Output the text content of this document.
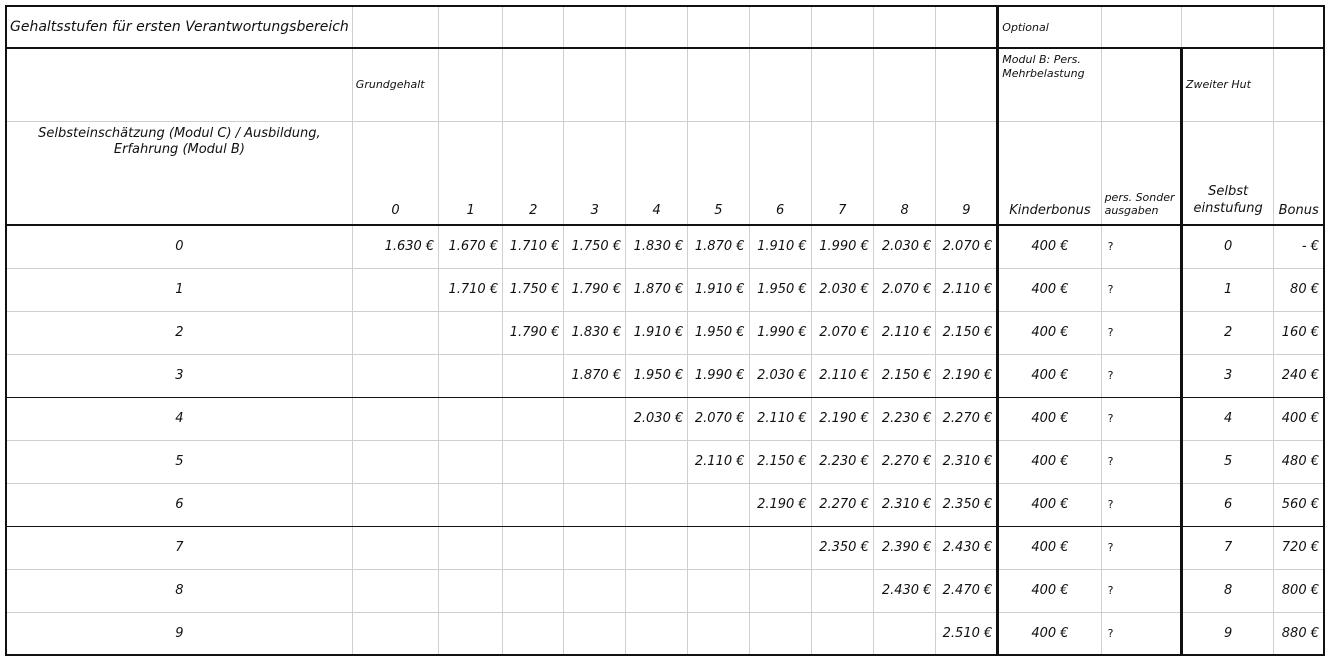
Gehaltsstufen für ersten Verantwortungsbereich											Optional			
	Grundgehalt										Modul B: Pers. Mehrbelastung		Zweiter Hut	
Selbsteinschätzung (Modul C) / Ausbildung, Erfahrung (Modul B)	0	1	2	3	4	5	6	7	8	9	Kinderbonus	pers. Sonder ausgaben	Selbst einstufung	Bonus
0	1.630 €	1.670 €	1.710 €	1.750 €	1.830 €	1.870 €	1.910 €	1.990 €	2.030 €	2.070 €	400 €	?	0	- €
1		1.710 €	1.750 €	1.790 €	1.870 €	1.910 €	1.950 €	2.030 €	2.070 €	2.110 €	400 €	?	1	80 €
2			1.790 €	1.830 €	1.910 €	1.950 €	1.990 €	2.070 €	2.110 €	2.150 €	400 €	?	2	160 €
3				1.870 €	1.950 €	1.990 €	2.030 €	2.110 €	2.150 €	2.190 €	400 €	?	3	240 €
4					2.030 €	2.070 €	2.110 €	2.190 €	2.230 €	2.270 €	400 €	?	4	400 €
5						2.110 €	2.150 €	2.230 €	2.270 €	2.310 €	400 €	?	5	480 €
6							2.190 €	2.270 €	2.310 €	2.350 €	400 €	?	6	560 €
7								2.350 €	2.390 €	2.430 €	400 €	?	7	720 €
8									2.430 €	2.470 €	400 €	?	8	800 €
9										2.510 €	400 €	?	9	880 €
